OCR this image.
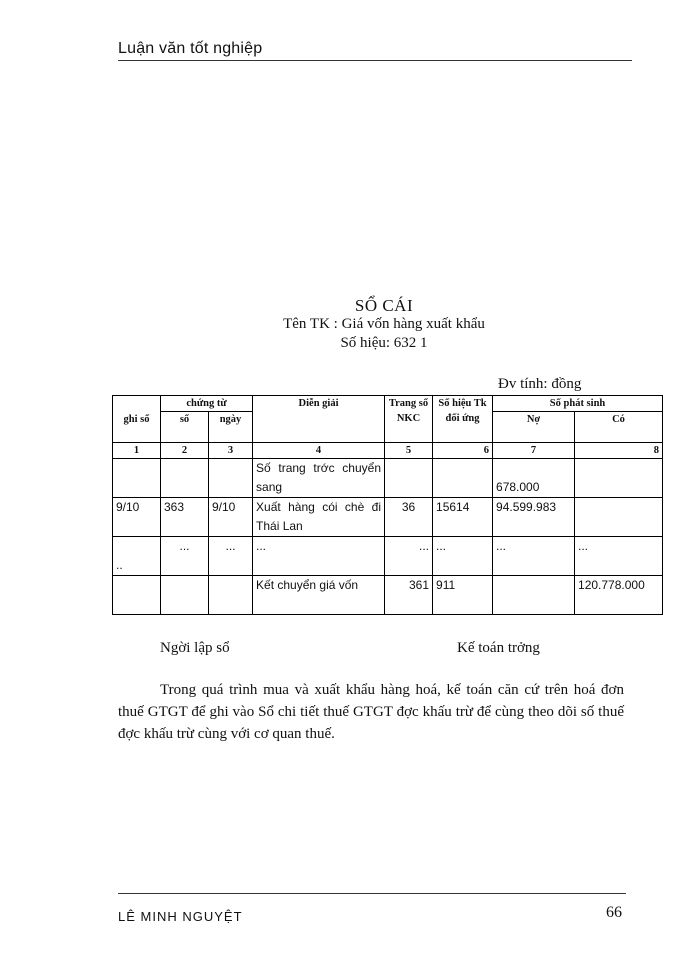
Luận văn tốt nghiệp
SỔ CÁI
Tên TK : Giá vốn hàng xuất khẩu
Số hiệu: 632 1
Đv tính: đồng
ghi sổ	chứng từ		Diễn giải	Trang sổ NKC	Số hiệu Tk đối ứng	Số phát sinh	
	số	ngày				Nợ	Có
1	2	3	4	5	6	7	8
			Số trang trớc chuyển sang			678.000	
9/10	363	9/10	Xuất hàng cói chè đi Thái Lan	36	15614	94.599.983	
..	...	...	...	...	...	...	...
			Kết chuyển giá vốn	361	911		120.778.000
Ngời lập sổ	Kế toán trởng

Trong quá trình mua và xuất khẩu hàng hoá, kế toán căn cứ trên hoá đơn thuế GTGT để ghi vào Sổ chi tiết thuế GTGT đợc khấu trừ để cùng theo dõi số thuế đợc khấu trừ cùng với cơ quan thuế.

LÊ MINH NGUYỆT	66
